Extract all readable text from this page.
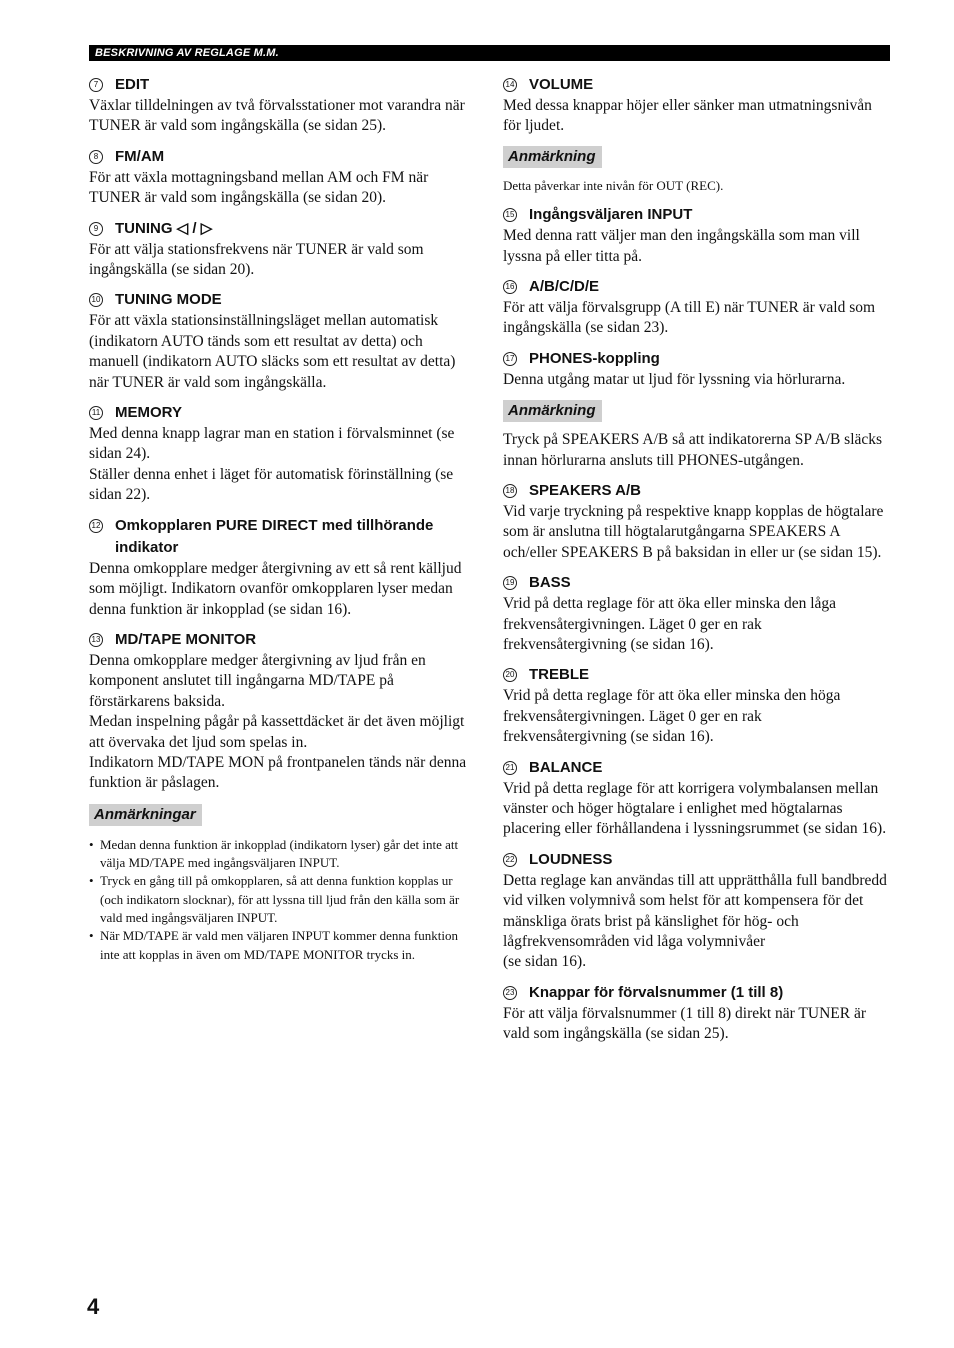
BESKRIVNING AV REGLAGE M.M.
7	EDIT

Växlar tilldelningen av två förvalsstationer mot varandra när TUNER är vald som ingångskälla (se sidan 25).

8	FM/AM

För att växla mottagningsband mellan AM och FM när TUNER är vald som ingångskälla (se sidan 20).

9	TUNING ◁ / ▷

För att välja stationsfrekvens när TUNER är vald som ingångskälla (se sidan 20).

10 TUNING MODE

För att växla stationsinställningsläget mellan automatisk (indikatorn AUTO tänds som ett resultat av detta) och manuell (indikatorn AUTO släcks som ett resultat av detta) när TUNER är vald som ingångskälla.

11 MEMORY

Med denna knapp lagrar man en station i förvalsminnet (se sidan 24).
Ställer denna enhet i läget för automatisk förinställning (se sidan 22).

12 Omkopplaren PURE DIRECT med tillhörande indikator

Denna omkopplare medger återgivning av ett så rent källjud som möjligt. Indikatorn ovanför omkopplaren lyser medan denna funktion är inkopplad (se sidan 16).

13 MD/TAPE MONITOR

Denna omkopplare medger återgivning av ljud från en komponent anslutet till ingångarna MD/TAPE på förstärkarens baksida.
Medan inspelning pågår på kassettdäcket är det även möjligt att övervaka det ljud som spelas in.
Indikatorn MD/TAPE MON på frontpanelen tänds när denna funktion är påslagen.

Anmärkningar
• Medan denna funktion är inkopplad (indikatorn lyser) går det inte att välja MD/TAPE med ingångsväljaren INPUT.
• Tryck en gång till på omkopplaren, så att denna funktion kopplas ur (och indikatorn slocknar), för att lyssna till ljud från den källa som är vald med ingångsväljaren INPUT.
• När MD/TAPE är vald men väljaren INPUT kommer denna funktion inte att kopplas in även om MD/TAPE MONITOR trycks in.
14 VOLUME

Med dessa knappar höjer eller sänker man utmatningsnivån för ljudet.

Anmärkning

Detta påverkar inte nivån för OUT (REC).

15 Ingångsväljaren INPUT

Med denna ratt väljer man den ingångskälla som man vill lyssna på eller titta på.

16 A/B/C/D/E

För att välja förvalsgrupp (A till E) när TUNER är vald som ingångskälla (se sidan 23).

17 PHONES-koppling

Denna utgång matar ut ljud för lyssning via hörlurarna.

Anmärkning

Tryck på SPEAKERS A/B så att indikatorerna SP A/B släcks innan hörlurarna ansluts till PHONES-utgången.

18 SPEAKERS A/B

Vid varje tryckning på respektive knapp kopplas de högtalare som är anslutna till högtalarutgångarna SPEAKERS A och/eller SPEAKERS B på baksidan in eller ur (se sidan 15).

19 BASS

Vrid på detta reglage för att öka eller minska den låga frekvensåtergivningen. Läget 0 ger en rak frekvensåtergivning (se sidan 16).

20 TREBLE

Vrid på detta reglage för att öka eller minska den höga frekvensåtergivningen. Läget 0 ger en rak frekvensåtergivning (se sidan 16).

21 BALANCE

Vrid på detta reglage för att korrigera volymbalansen mellan vänster och höger högtalare i enlighet med högtalarnas placering eller förhållandena i lyssningsrummet (se sidan 16).

22 LOUDNESS

Detta reglage kan användas till att upprätthålla full bandbredd vid vilken volymnivå som helst för att kompensera för det mänskliga örats brist på känslighet för hög- och lågfrekvensområden vid låga volymnivåer
(se sidan 16).

23 Knappar för förvalsnummer (1 till 8)

För att välja förvalsnummer (1 till 8) direkt när TUNER är vald som ingångskälla (se sidan 25).

4
